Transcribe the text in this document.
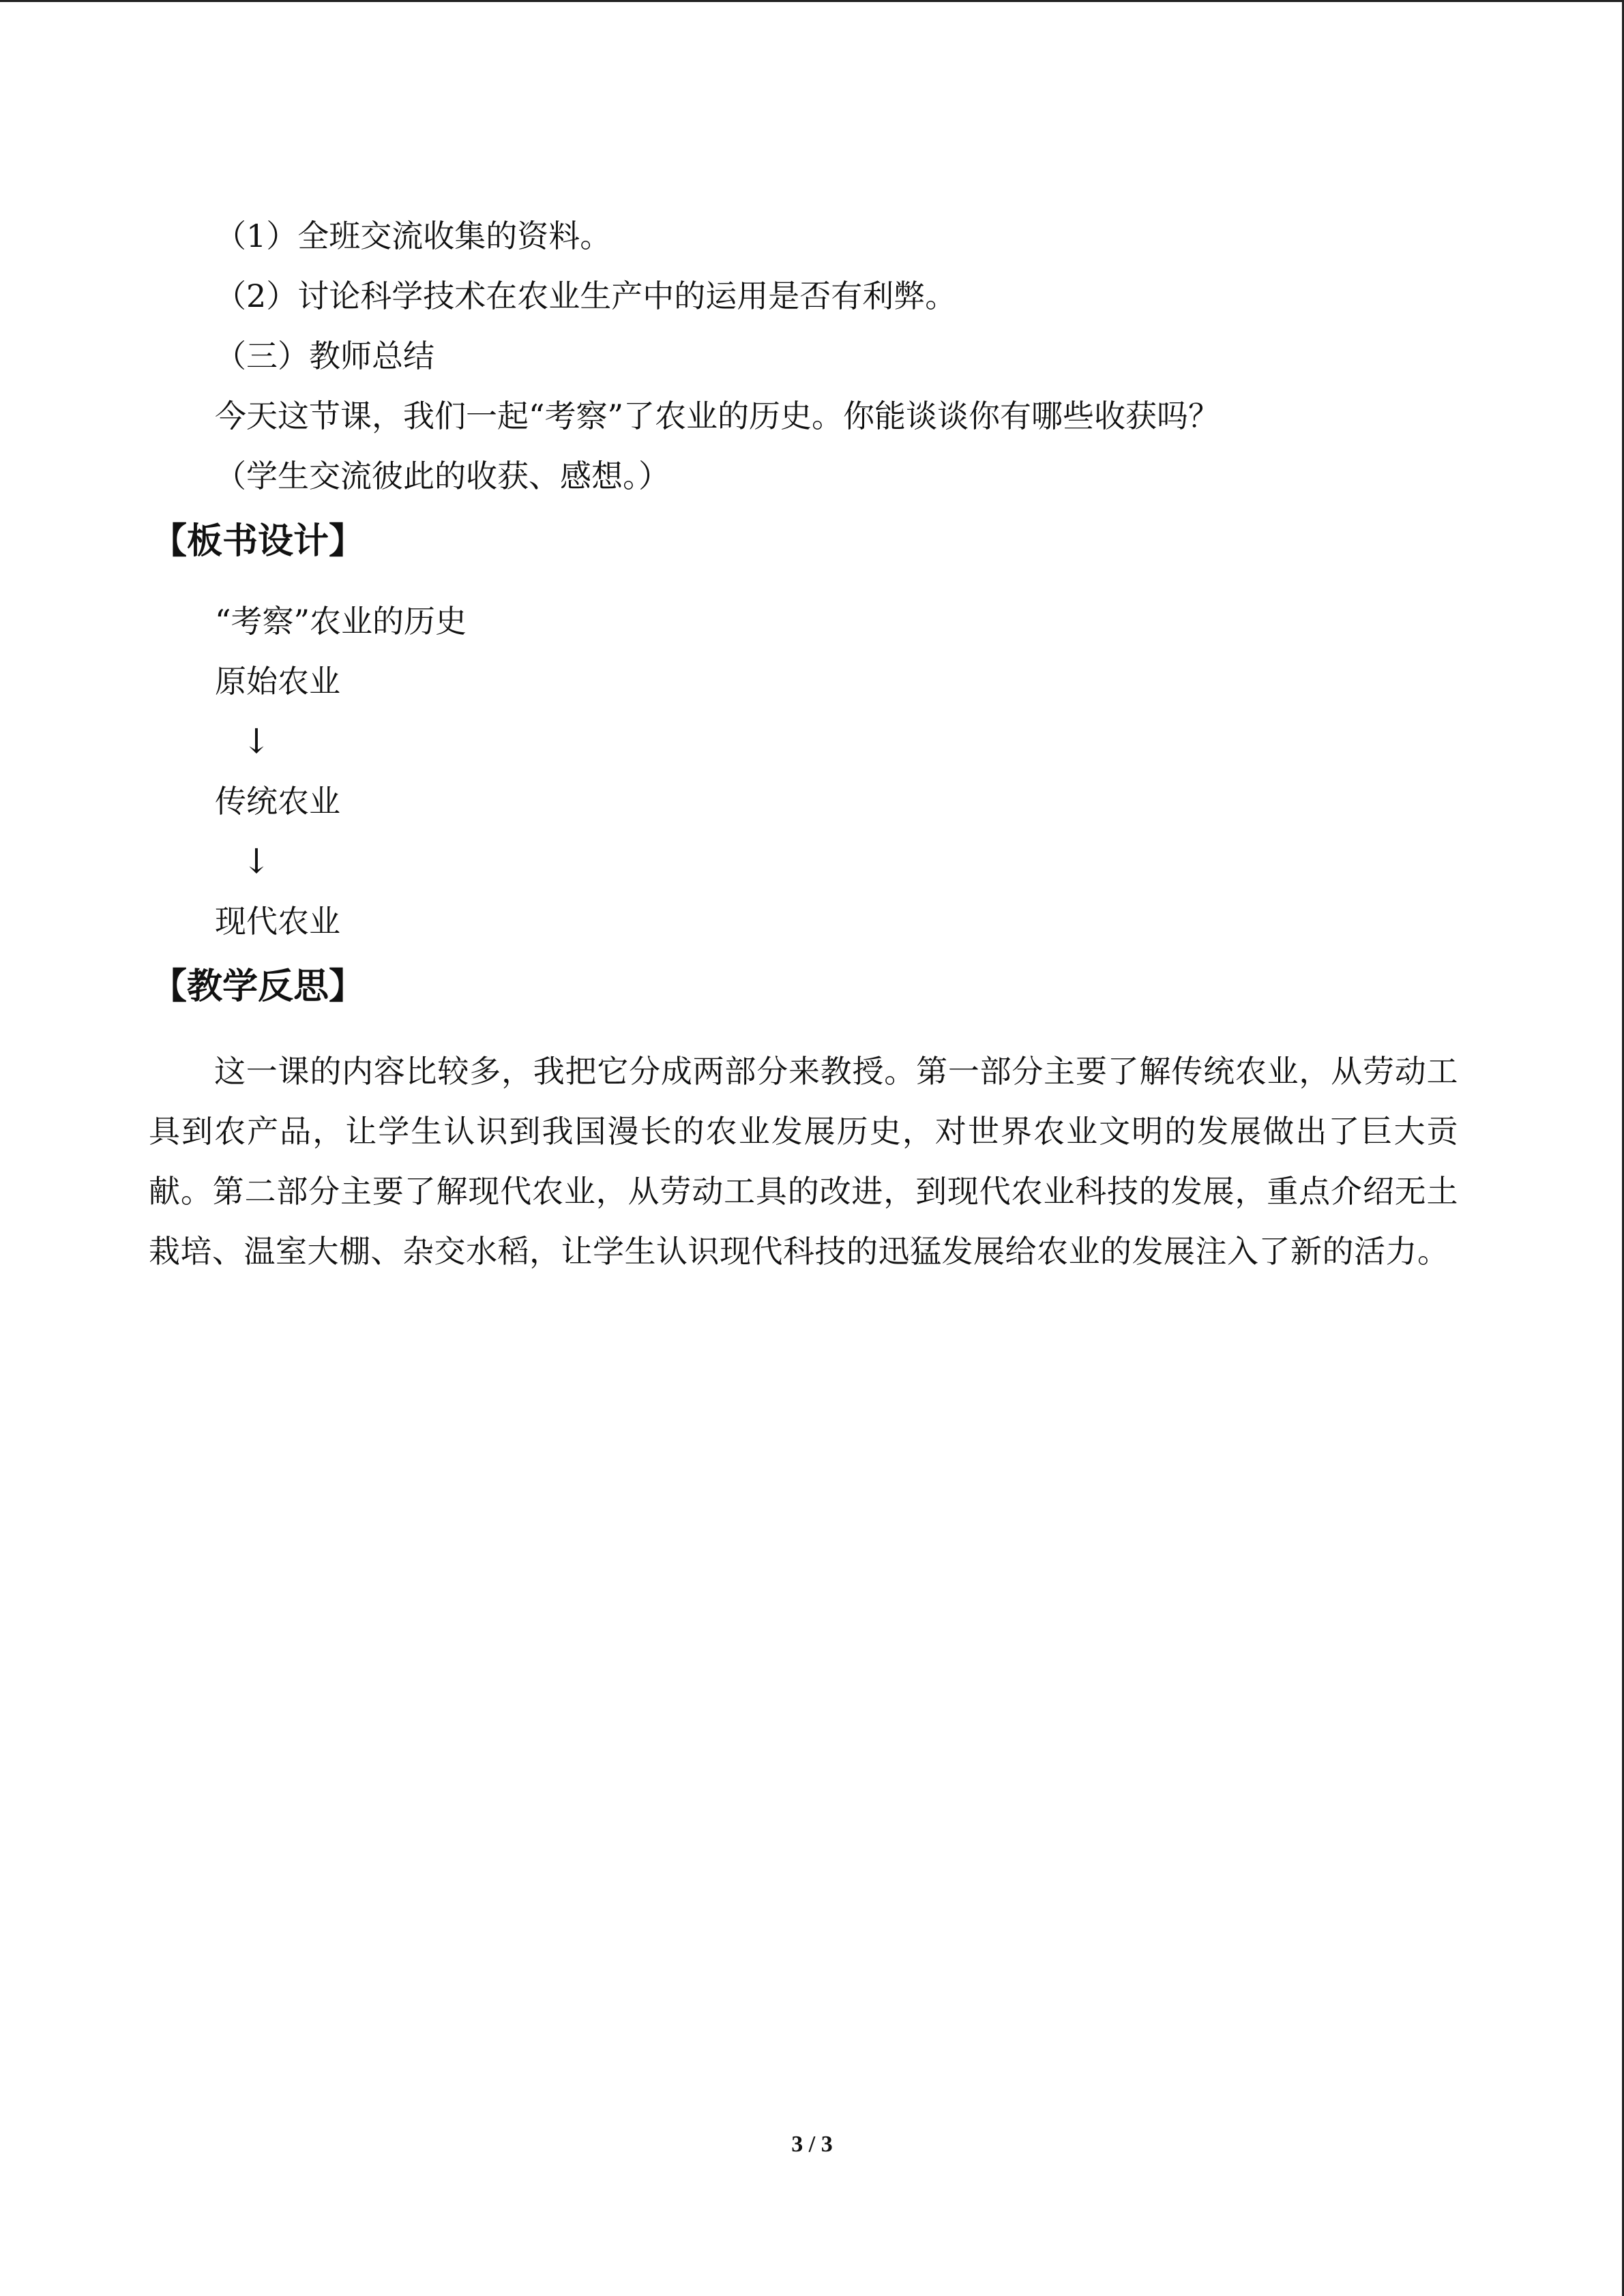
（1）全班交流收集的资料。
（2）讨论科学技术在农业生产中的运用是否有利弊。
（三）教师总结
今天这节课，我们一起“考察”了农业的历史。你能谈谈你有哪些收获吗？
（学生交流彼此的收获、感想。）
【板书设计】
“考察”农业的历史
原始农业
↓
传统农业
↓
现代农业
【教学反思】
这一课的内容比较多，我把它分成两部分来教授。第一部分主要了解传统农业，从劳动工具到农产品，让学生认识到我国漫长的农业发展历史，对世界农业文明的发展做出了巨大贡献。第二部分主要了解现代农业，从劳动工具的改进，到现代农业科技的发展，重点介绍无土栽培、温室大棚、杂交水稻，让学生认识现代科技的迅猛发展给农业的发展注入了新的活力。
3 / 3
